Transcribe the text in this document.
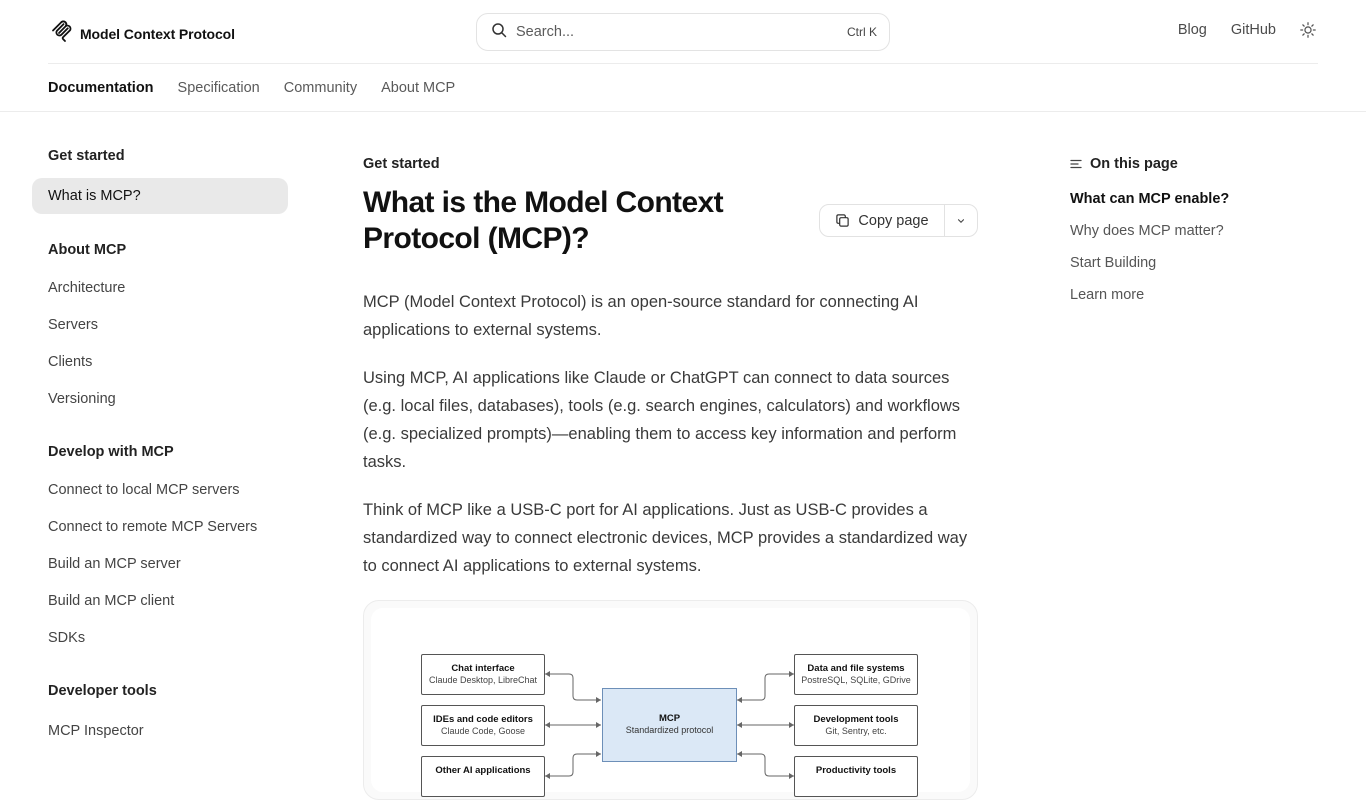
Model Context Protocol	Search...	Ctrl K	Blog GitHub
Documentation Specification Community About MCP
Get started
What is MCP?
About MCP
Architecture
Servers
Clients
Versioning
Develop with MCP
Connect to local MCP servers
Connect to remote MCP Servers
Build an MCP server
Build an MCP client
SDKs
Developer tools
MCP Inspector
Get started
What is the Model Context Protocol (MCP)?
Copy page

MCP (Model Context Protocol) is an open-source standard for connecting AI applications to external systems.

Using MCP, AI applications like Claude or ChatGPT can connect to data sources (e.g. local files, databases), tools (e.g. search engines, calculators) and workflows (e.g. specialized prompts)—enabling them to access key information and perform tasks.

Think of MCP like a USB-C port for AI applications. Just as USB-C provides a standardized way to connect electronic devices, MCP provides a standardized way to connect AI applications to external systems.

Chat interface
Claude Desktop, LibreChat
IDEs and code editors
Claude Code, Goose
Other AI applications
MCP
Standardized protocol
Data and file systems
PostreSQL, SQLite, GDrive
Development tools
Git, Sentry, etc.
Productivity tools
On this page
What can MCP enable?
Why does MCP matter?
Start Building
Learn more
